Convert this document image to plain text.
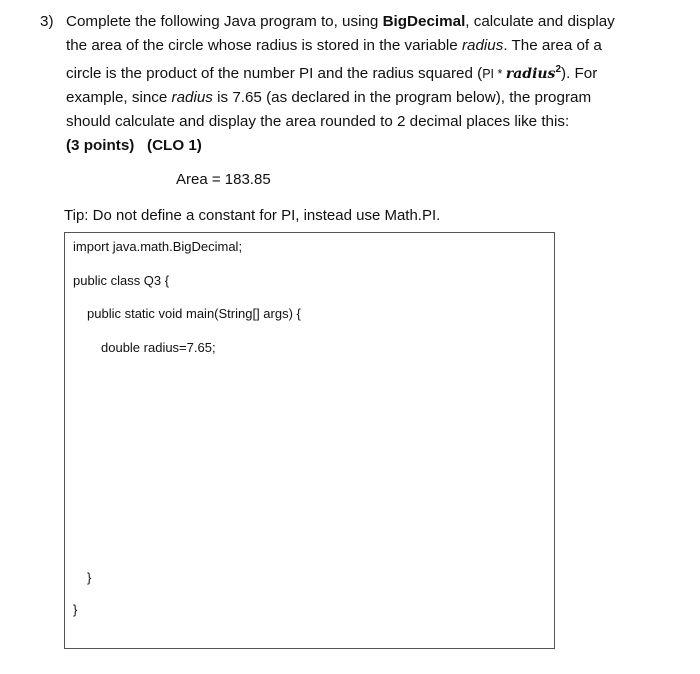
3) Complete the following Java program to, using BigDecimal, calculate and display
the area of the circle whose radius is stored in the variable radius. The area of a
circle is the product of the number PI and the radius squared (PI * radius$^2$). For
example, since radius is 7.65 (as declared in the program below), the program
should calculate and display the area rounded to 2 decimal places like this:
(3 points) (CLO 1)
Area = 183.85
Tip: Do not define a constant for PI, instead use Math.PI.
import java.math.BigDecimal;
public class Q3 {
public static void main(String[] args) {
double radius=7.65;
}
}
